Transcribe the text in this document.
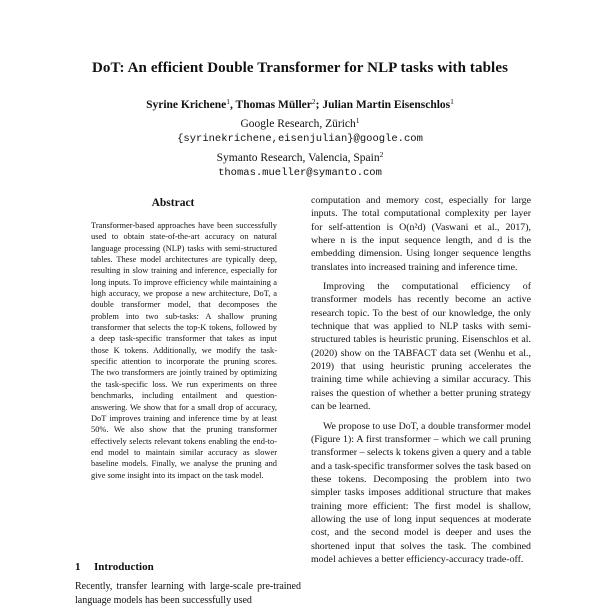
DoT: An efficient Double Transformer for NLP tasks with tables
Syrine Krichene$^1$, Thomas Müller$^2$; Julian Martin Eisenschlos$^1$
Google Research, Zürich$^1$
{syrinekrichene,eisenjulian}@google.com
Symanto Research, Valencia, Spain$^2$
thomas.mueller@symanto.com
Abstract
Transformer-based approaches have been successfully used to obtain state-of-the-art accuracy on natural language processing (NLP) tasks with semi-structured tables. These model architectures are typically deep, resulting in slow training and inference, especially for long inputs. To improve efficiency while maintaining a high accuracy, we propose a new architecture, DoT, a double transformer model, that decomposes the problem into two sub-tasks: A shallow pruning transformer that selects the top-K tokens, followed by a deep task-specific transformer that takes as input those K tokens. Additionally, we modify the task-specific attention to incorporate the pruning scores. The two transformers are jointly trained by optimizing the task-specific loss. We run experiments on three benchmarks, including entailment and question-answering. We show that for a small drop of accuracy, DoT improves training and inference time by at least 50%. We also show that the pruning transformer effectively selects relevant tokens enabling the end-to-end model to maintain similar accuracy as slower baseline models. Finally, we analyse the pruning and give some insight into its impact on the task model.
1 Introduction
Recently, transfer learning with large-scale pre-trained language models has been successfully used

computation and memory cost, especially for large inputs. The total computational complexity per layer for self-attention is O(n²d) (Vaswani et al., 2017), where n is the input sequence length, and d is the embedding dimension. Using longer sequence lengths translates into increased training and inference time.

Improving the computational efficiency of transformer models has recently become an active research topic. To the best of our knowledge, the only technique that was applied to NLP tasks with semi-structured tables is heuristic pruning. Eisenschlos et al. (2020) show on the TABFACT data set (Wenhu et al., 2019) that using heuristic pruning accelerates the training time while achieving a similar accuracy. This raises the question of whether a better pruning strategy can be learned.

We propose to use DoT, a double transformer model (Figure 1): A first transformer – which we call pruning transformer – selects k tokens given a query and a table and a task-specific transformer solves the task based on these tokens. Decomposing the problem into two simpler tasks imposes additional structure that makes training more efficient: The first model is shallow, allowing the use of long input sequences at moderate cost, and the second model is deeper and uses the shortened input that solves the task. The combined model achieves a better efficiency-accuracy trade-off.
